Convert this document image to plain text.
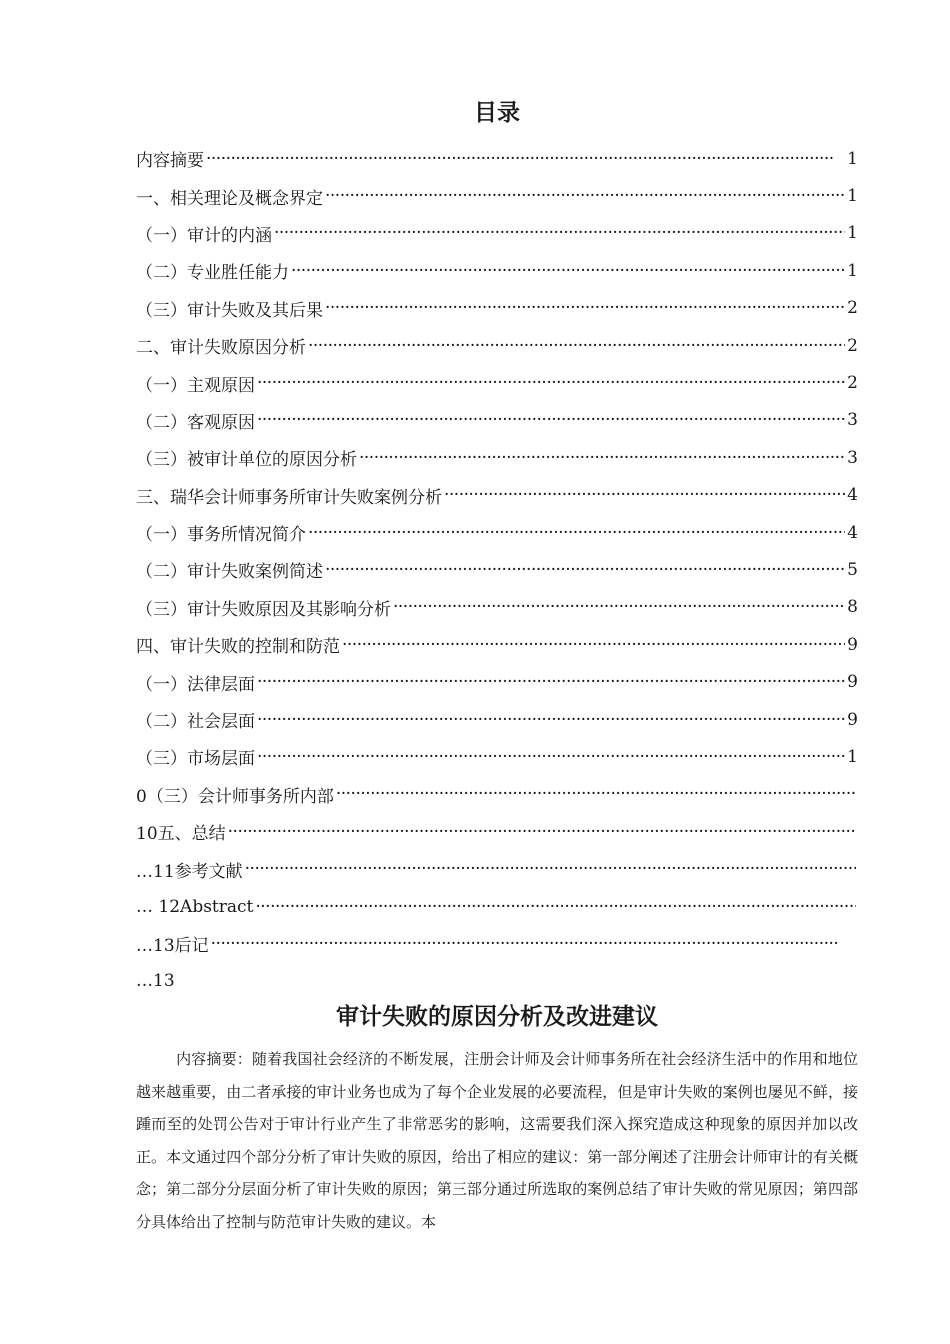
目录
内容摘要 ·····	1
一、相关理论及概念界定 ·····	1
（一）审计的内涵 ·····	1
（二）专业胜任能力 ·····	1
（三）审计失败及其后果 ·····	2
二、审计失败原因分析 ·····	2
（一）主观原因 ·····	2
（二）客观原因 ·····	3
（三）被审计单位的原因分析 ·····	3
三、瑞华会计师事务所审计失败案例分析 ·····	4
（一）事务所情况简介 ·····	4
（二）审计失败案例简述 ·····	5
（三）审计失败原因及其影响分析 ·····	8
四、审计失败的控制和防范 ·····	9
（一）法律层面 ·····	9
（二）社会层面 ·····	9
（三）市场层面 ·····	1
0（三）会计师事务所内部
·····
10五、总结
·····
…11参考文献
·····
… 12Abstract
·····
…13后记
·····
…13
审计失败的原因分析及改进建议

内容摘要：随着我国社会经济的不断发展，注册会计师及会计师事务所在社会经济生活中的作用和地位越来越重要，由二者承接的审计业务也成为了每个企业发展的必要流程，但是审计失败的案例也屡见不鲜，接踵而至的处罚公告对于审计行业产生了非常恶劣的影响，这需要我们深入探究造成这种现象的原因并加以改正。本文通过四个部分分析了审计失败的原因，给出了相应的建议：第一部分阐述了注册会计师审计的有关概念；第二部分分层面分析了审计失败的原因；第三部分通过所选取的案例总结了审计失败的常见原因；第四部分具体给出了控制与防范审计失败的建议。本
